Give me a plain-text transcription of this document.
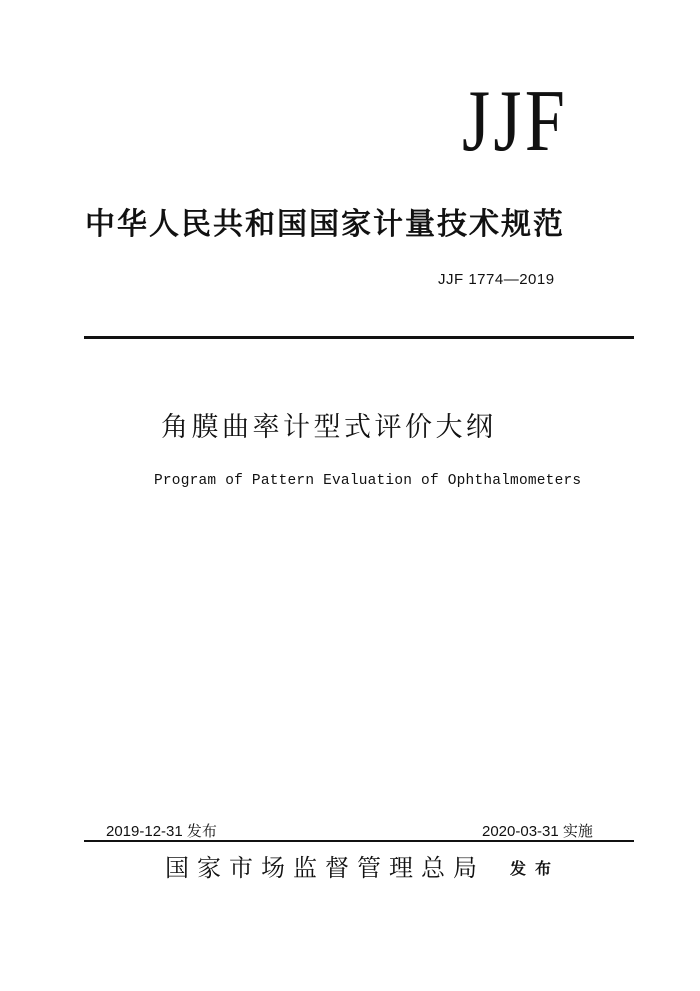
JJF
中华人民共和国国家计量技术规范
JJF 1774—2019
角膜曲率计型式评价大纲
Program of Pattern Evaluation of Ophthalmometers
2019-12-31 发布	2020-03-31 实施
国家市场监督管理总局 发布
